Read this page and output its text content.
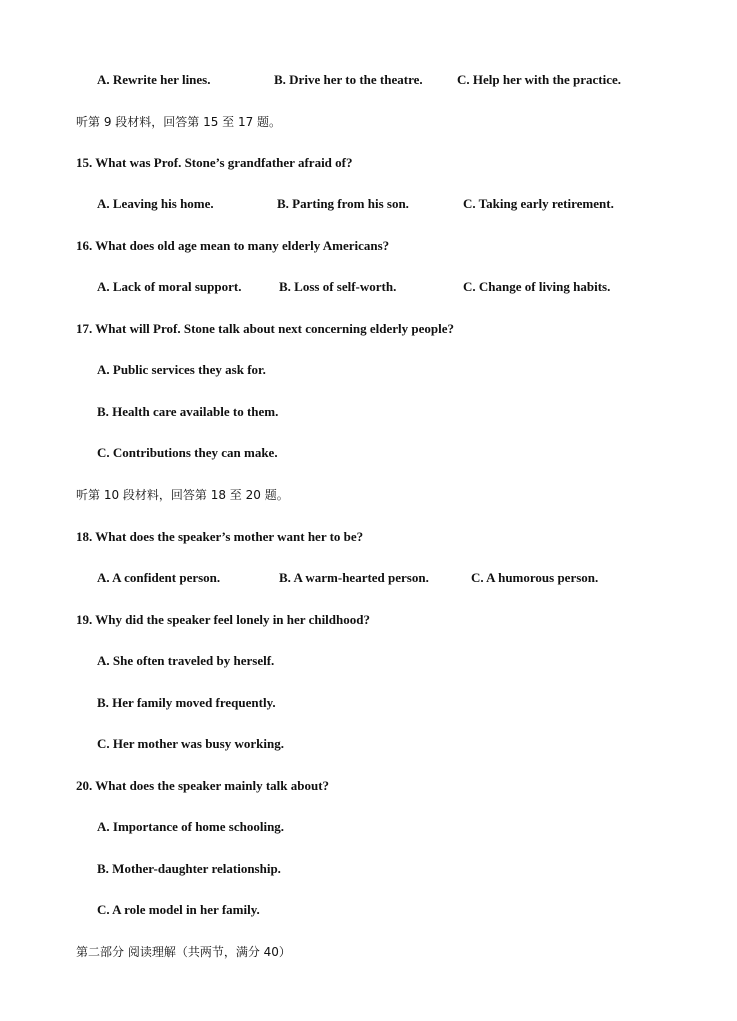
A. Rewrite her lines.	B. Drive her to the theatre.	C. Help her with the practice.
听第 9 段材料，回答第 15 至 17 题。
15. What was Prof. Stone’s grandfather afraid of?
A. Leaving his home.	B. Parting from his son.	C. Taking early retirement.
16. What does old age mean to many elderly Americans?
A. Lack of moral support.	B. Loss of self-worth.	C. Change of living habits.
17. What will Prof. Stone talk about next concerning elderly people?
A. Public services they ask for.
B. Health care available to them.
C. Contributions they can make.
听第 10 段材料，回答第 18 至 20 题。
18. What does the speaker’s mother want her to be?
A. A confident person.	B. A warm-hearted person.	C. A humorous person.
19. Why did the speaker feel lonely in her childhood?
A. She often traveled by herself.
B. Her family moved frequently.
C. Her mother was busy working.
20. What does the speaker mainly talk about?
A. Importance of home schooling.
B. Mother-daughter relationship.
C. A role model in her family.
第二部分 阅读理解（共两节，满分 40）
